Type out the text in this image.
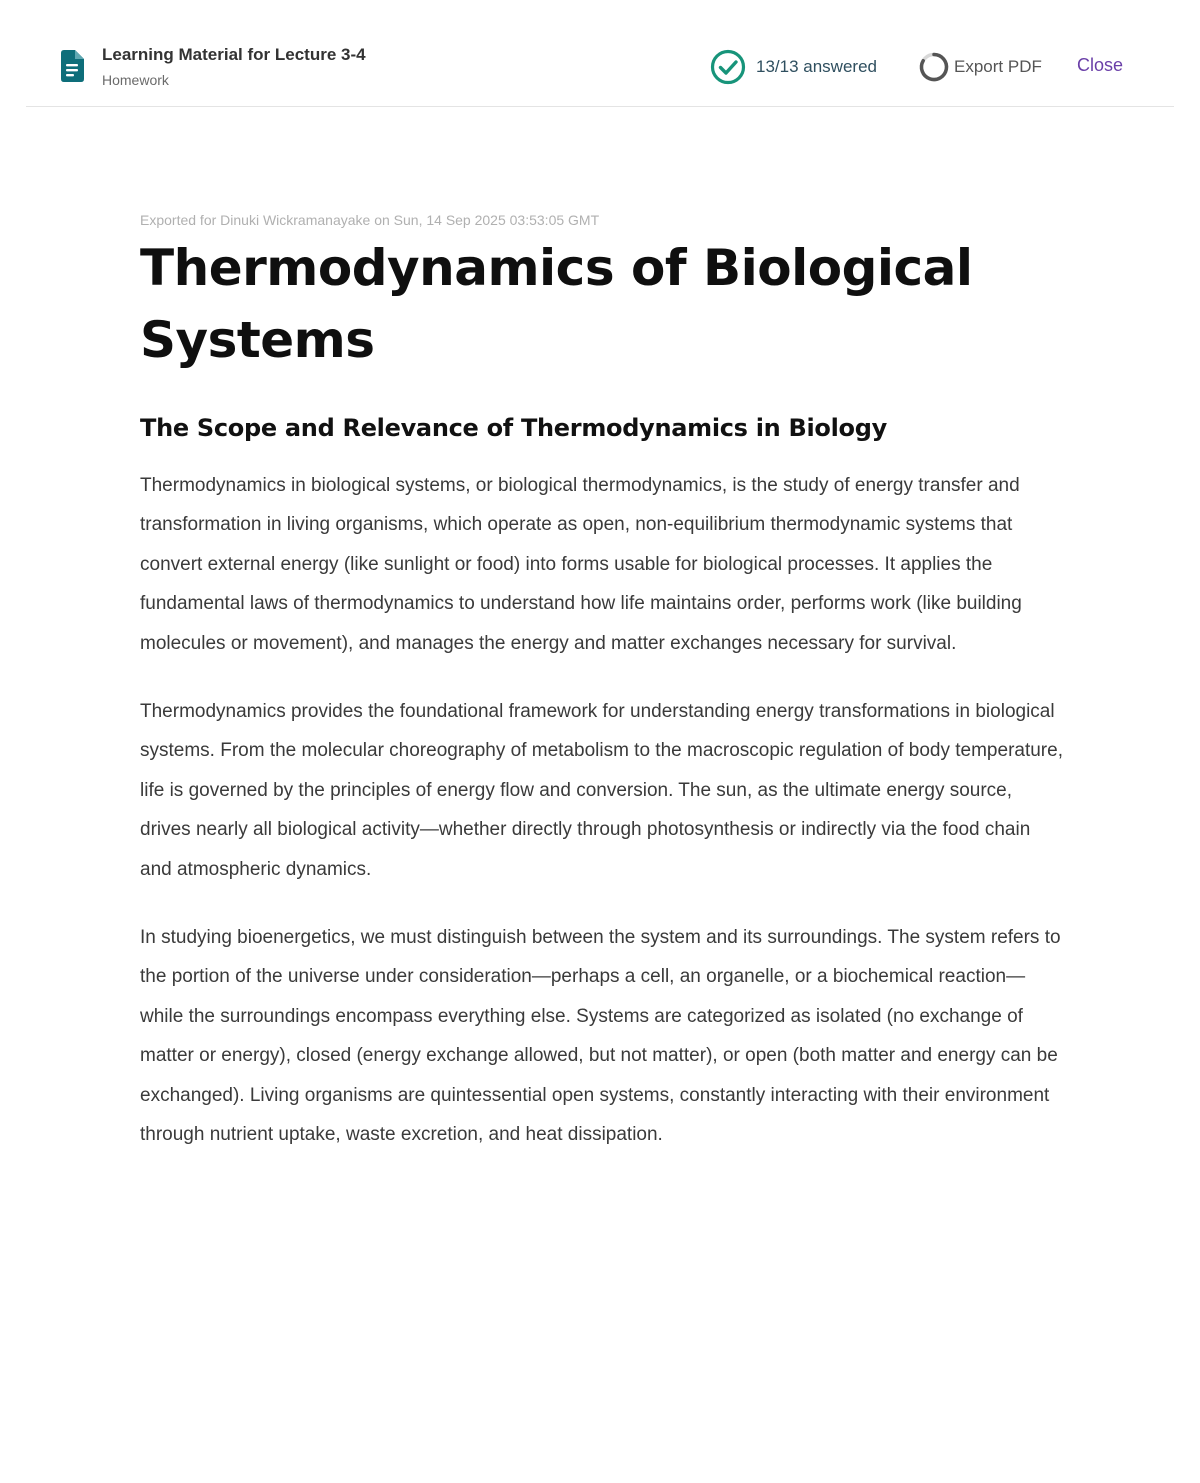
Learning Material for Lecture 3-4
Homework
13/13 answered	Export PDF Close

Exported for Dinuki Wickramanayake on Sun, 14 Sep 2025 03:53:05 GMT

Thermodynamics of Biological Systems
The Scope and Relevance of Thermodynamics in Biology

Thermodynamics in biological systems, or biological thermodynamics, is the study of energy transfer and transformation in living organisms, which operate as open, non-equilibrium thermodynamic systems that convert external energy (like sunlight or food) into forms usable for biological processes. It applies the fundamental laws of thermodynamics to understand how life maintains order, performs work (like building molecules or movement), and manages the energy and matter exchanges necessary for survival.

Thermodynamics provides the foundational framework for understanding energy transformations in biological systems. From the molecular choreography of metabolism to the macroscopic regulation of body temperature, life is governed by the principles of energy flow and conversion. The sun, as the ultimate energy source, drives nearly all biological activity—whether directly through photosynthesis or indirectly via the food chain and atmospheric dynamics.

In studying bioenergetics, we must distinguish between the system and its surroundings. The system refers to the portion of the universe under consideration—perhaps a cell, an organelle, or a biochemical reaction—while the surroundings encompass everything else. Systems are categorized as isolated (no exchange of matter or energy), closed (energy exchange allowed, but not matter), or open (both matter and energy can be exchanged). Living organisms are quintessential open systems, constantly interacting with their environment through nutrient uptake, waste excretion, and heat dissipation.
